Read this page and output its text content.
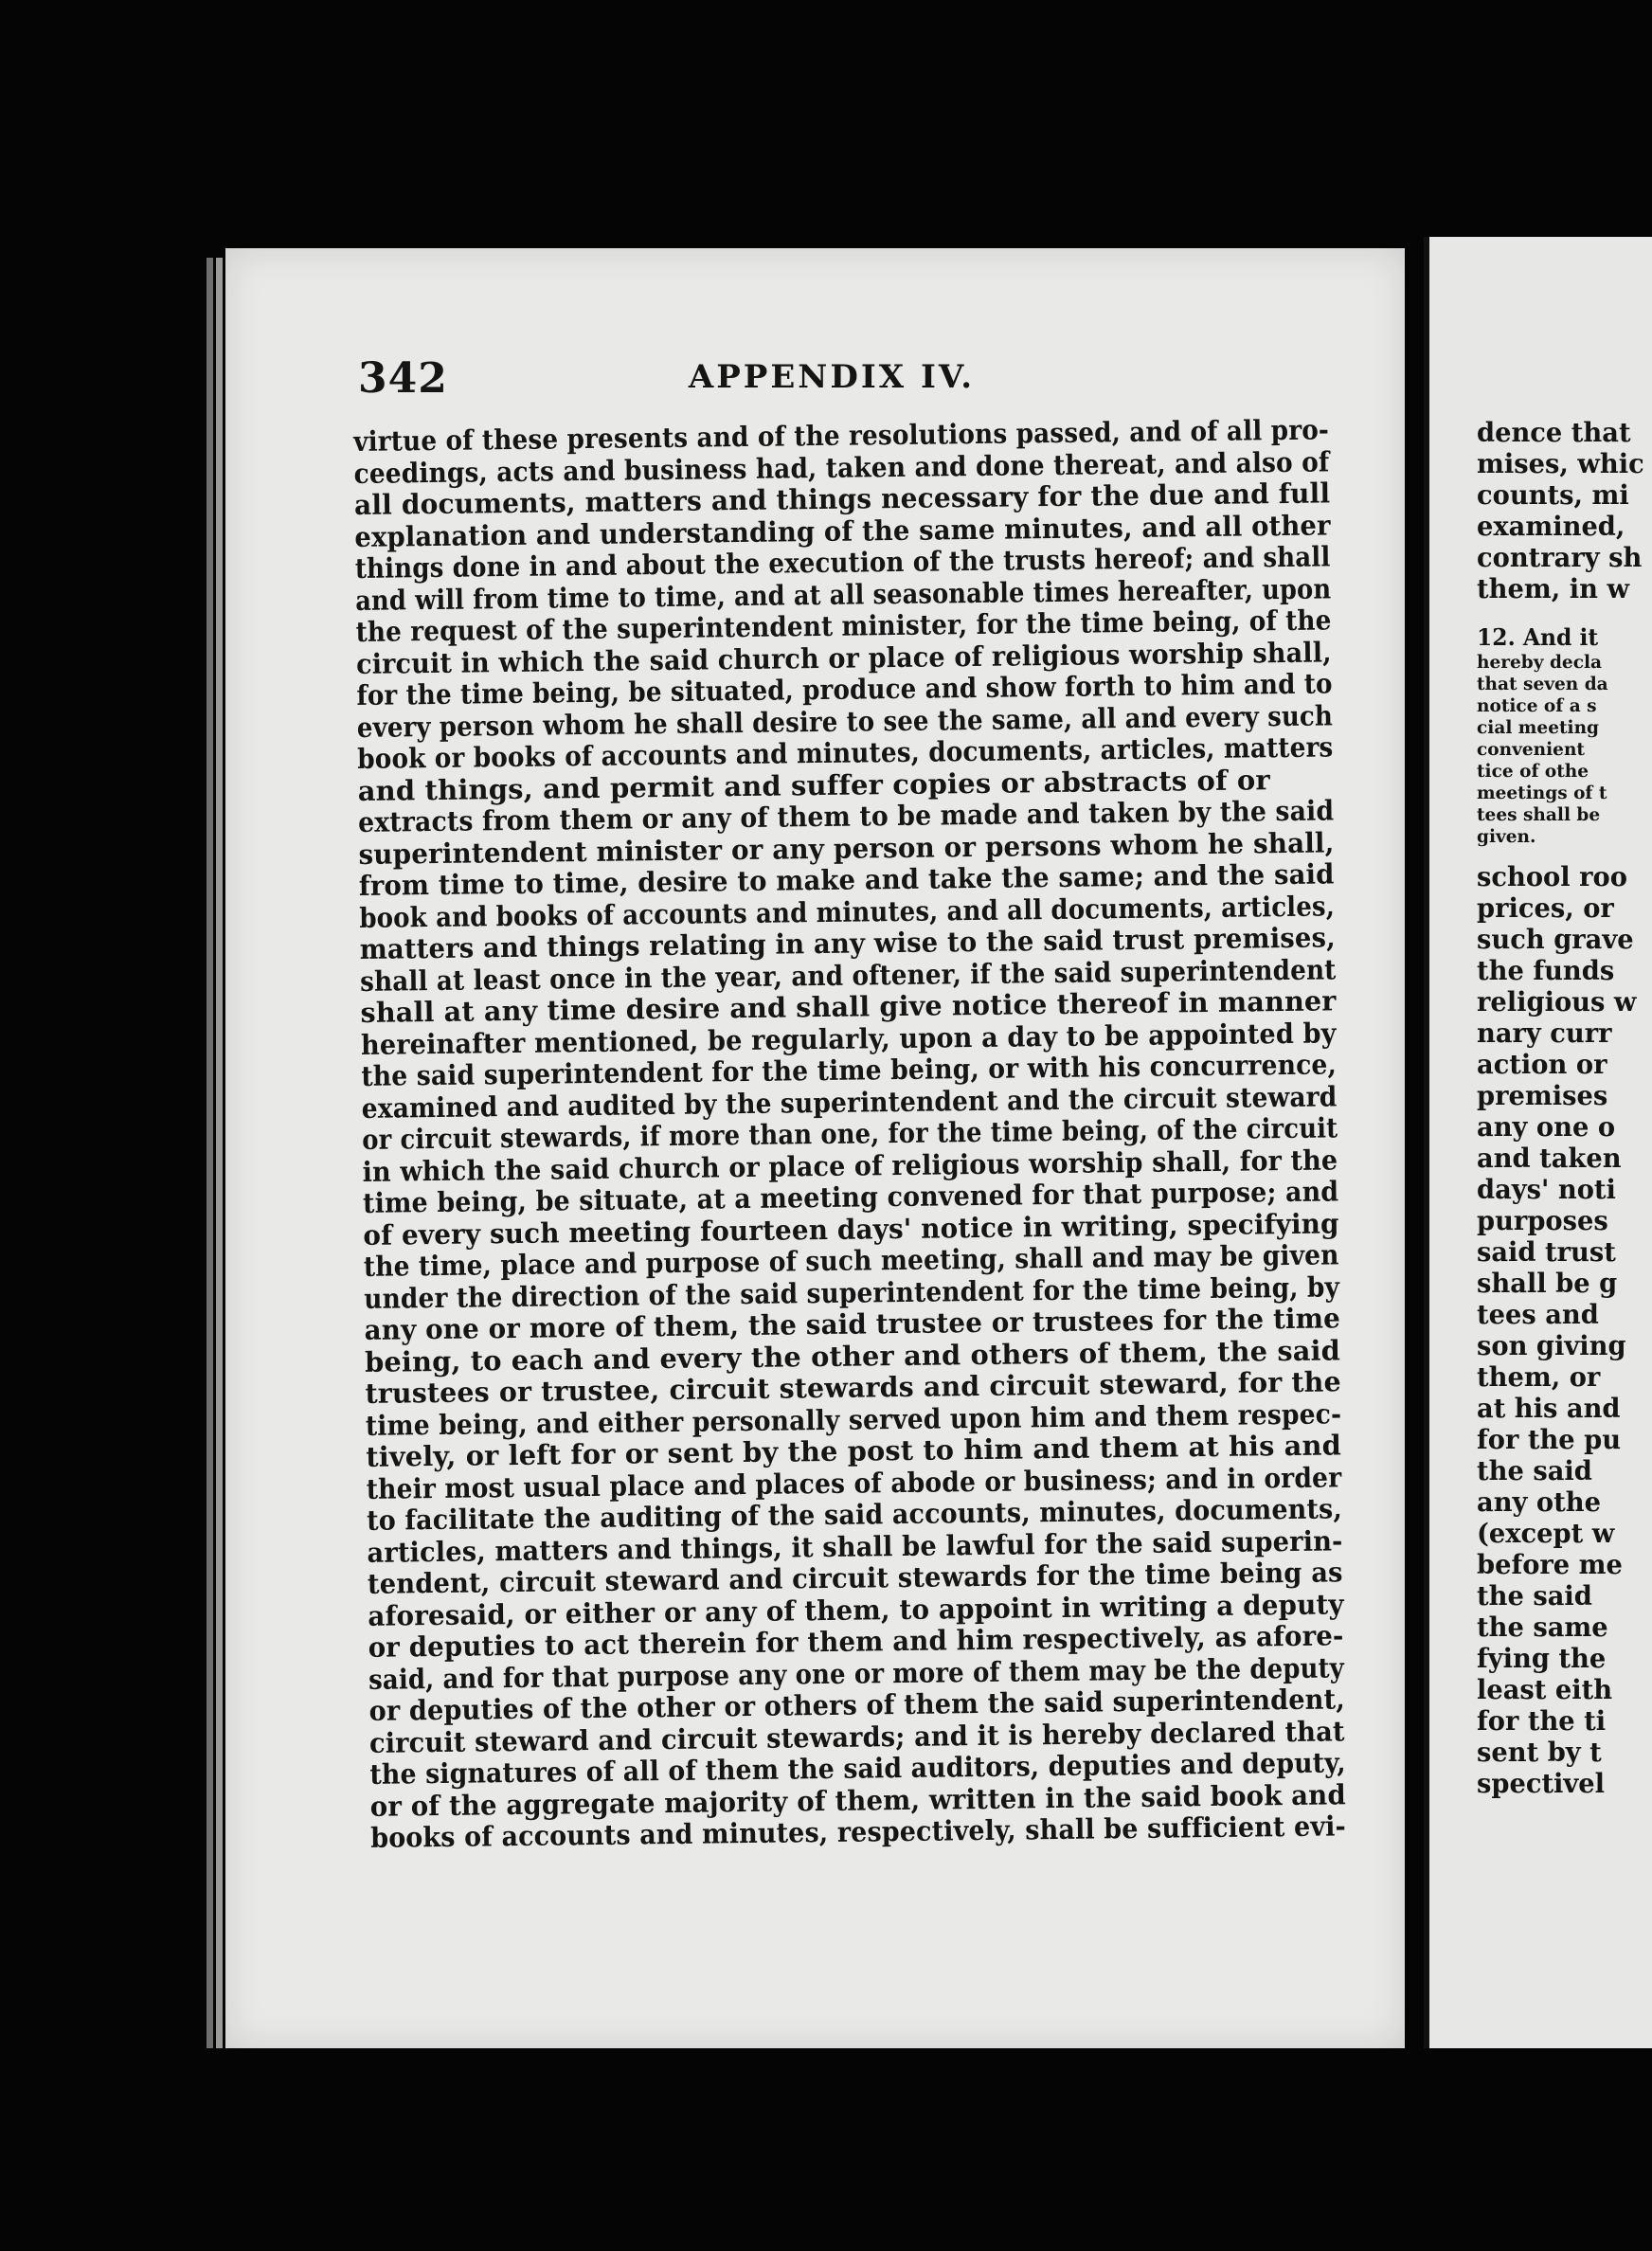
342	APPENDIX IV.
virtue of these presents and of the resolutions passed, and of all pro-
ceedings, acts and business had, taken and done thereat, and also of
all documents, matters and things necessary for the due and full
explanation and understanding of the same minutes, and all other
things done in and about the execution of the trusts hereof; and shall
and will from time to time, and at all seasonable times hereafter, upon
the request of the superintendent minister, for the time being, of the
circuit in which the said church or place of religious worship shall,
for the time being, be situated, produce and show forth to him and to
every person whom he shall desire to see the same, all and every such
book or books of accounts and minutes, documents, articles, matters
and things, and permit and suffer copies or abstracts of or
extracts from them or any of them to be made and taken by the said
superintendent minister or any person or persons whom he shall,
from time to time, desire to make and take the same; and the said
book and books of accounts and minutes, and all documents, articles,
matters and things relating in any wise to the said trust premises,
shall at least once in the year, and oftener, if the said superintendent
shall at any time desire and shall give notice thereof in manner
hereinafter mentioned, be regularly, upon a day to be appointed by
the said superintendent for the time being, or with his concurrence,
examined and audited by the superintendent and the circuit steward
or circuit stewards, if more than one, for the time being, of the circuit
in which the said church or place of religious worship shall, for the
time being, be situate, at a meeting convened for that purpose; and
of every such meeting fourteen days' notice in writing, specifying
the time, place and purpose of such meeting, shall and may be given
under the direction of the said superintendent for the time being, by
any one or more of them, the said trustee or trustees for the time
being, to each and every the other and others of them, the said
trustees or trustee, circuit stewards and circuit steward, for the
time being, and either personally served upon him and them respec-
tively, or left for or sent by the post to him and them at his and
their most usual place and places of abode or business; and in order
to facilitate the auditing of the said accounts, minutes, documents,
articles, matters and things, it shall be lawful for the said superin-
tendent, circuit steward and circuit stewards for the time being as
aforesaid, or either or any of them, to appoint in writing a deputy
or deputies to act therein for them and him respectively, as afore-
said, and for that purpose any one or more of them may be the deputy
or deputies of the other or others of them the said superintendent,
circuit steward and circuit stewards; and it is hereby declared that
the signatures of all of them the said auditors, deputies and deputy,
or of the aggregate majority of them, written in the said book and
books of accounts and minutes, respectively, shall be sufficient evi-
dence that
mises, whic
counts, mi
examined,
contrary sh
them, in w
12. And it
hereby decla
that seven da
notice of a s
cial meeting
convenient
tice of othe
meetings of t
tees shall be
given.
school roo
prices, or
such grave
the funds
religious w
nary curr
action or
premises
any one o
and taken
days' noti
purposes
said trust
shall be g
tees and
son giving
them, or
at his and
for the pu
the said
any othe
(except w
before me
the said
the same
fying the
least eith
for the ti
sent by t
spectivel
